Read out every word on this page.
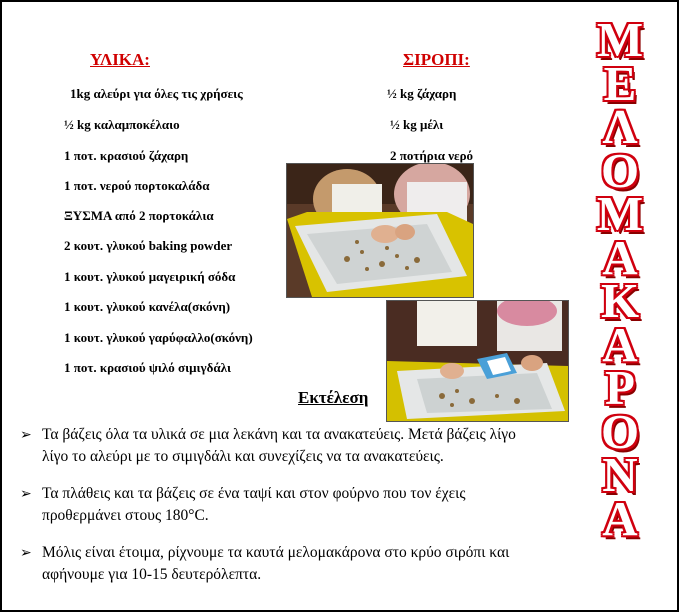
ΥΛΙΚΑ:	ΣΙΡΟΠΙ:
1kg αλεύρι για όλες τις χρήσεις
½ kg καλαμποκέλαιο
1 ποτ. κρασιού ζάχαρη
1 ποτ. νερού πορτοκαλάδα
ΞΥΣΜΑ από 2 πορτοκάλια
2 κουτ. γλυκού baking powder
1 κουτ. γλυκού μαγειρική σόδα
1 κουτ. γλυκού κανέλα(σκόνη)
1 κουτ. γλυκού γαρύφαλλο(σκόνη)
1 ποτ. κρασιού ψιλό σιμιγδάλι
½ kg ζάχαρη
½ kg μέλι
2 ποτήρια νερό
Μ
Ε
Λ
Ο
Μ
Α
Κ
Α
Ρ
Ο
Ν
Α
Εκτέλεση
➢ Τα βάζεις όλα τα υλικά σε μια λεκάνη και τα ανακατεύεις. Μετά βάζεις λίγο
λίγο το αλεύρι με το σιμιγδάλι και συνεχίζεις να τα ανακατεύεις.
➢ Τα πλάθεις και τα βάζεις σε ένα ταψί και στον φούρνο που τον έχεις
προθερμάνει στους 180°C.
➢ Μόλις είναι έτοιμα, ρίχνουμε τα καυτά μελομακάρονα στο κρύο σιρόπι και
αφήνουμε για 10-15 δευτερόλεπτα.
